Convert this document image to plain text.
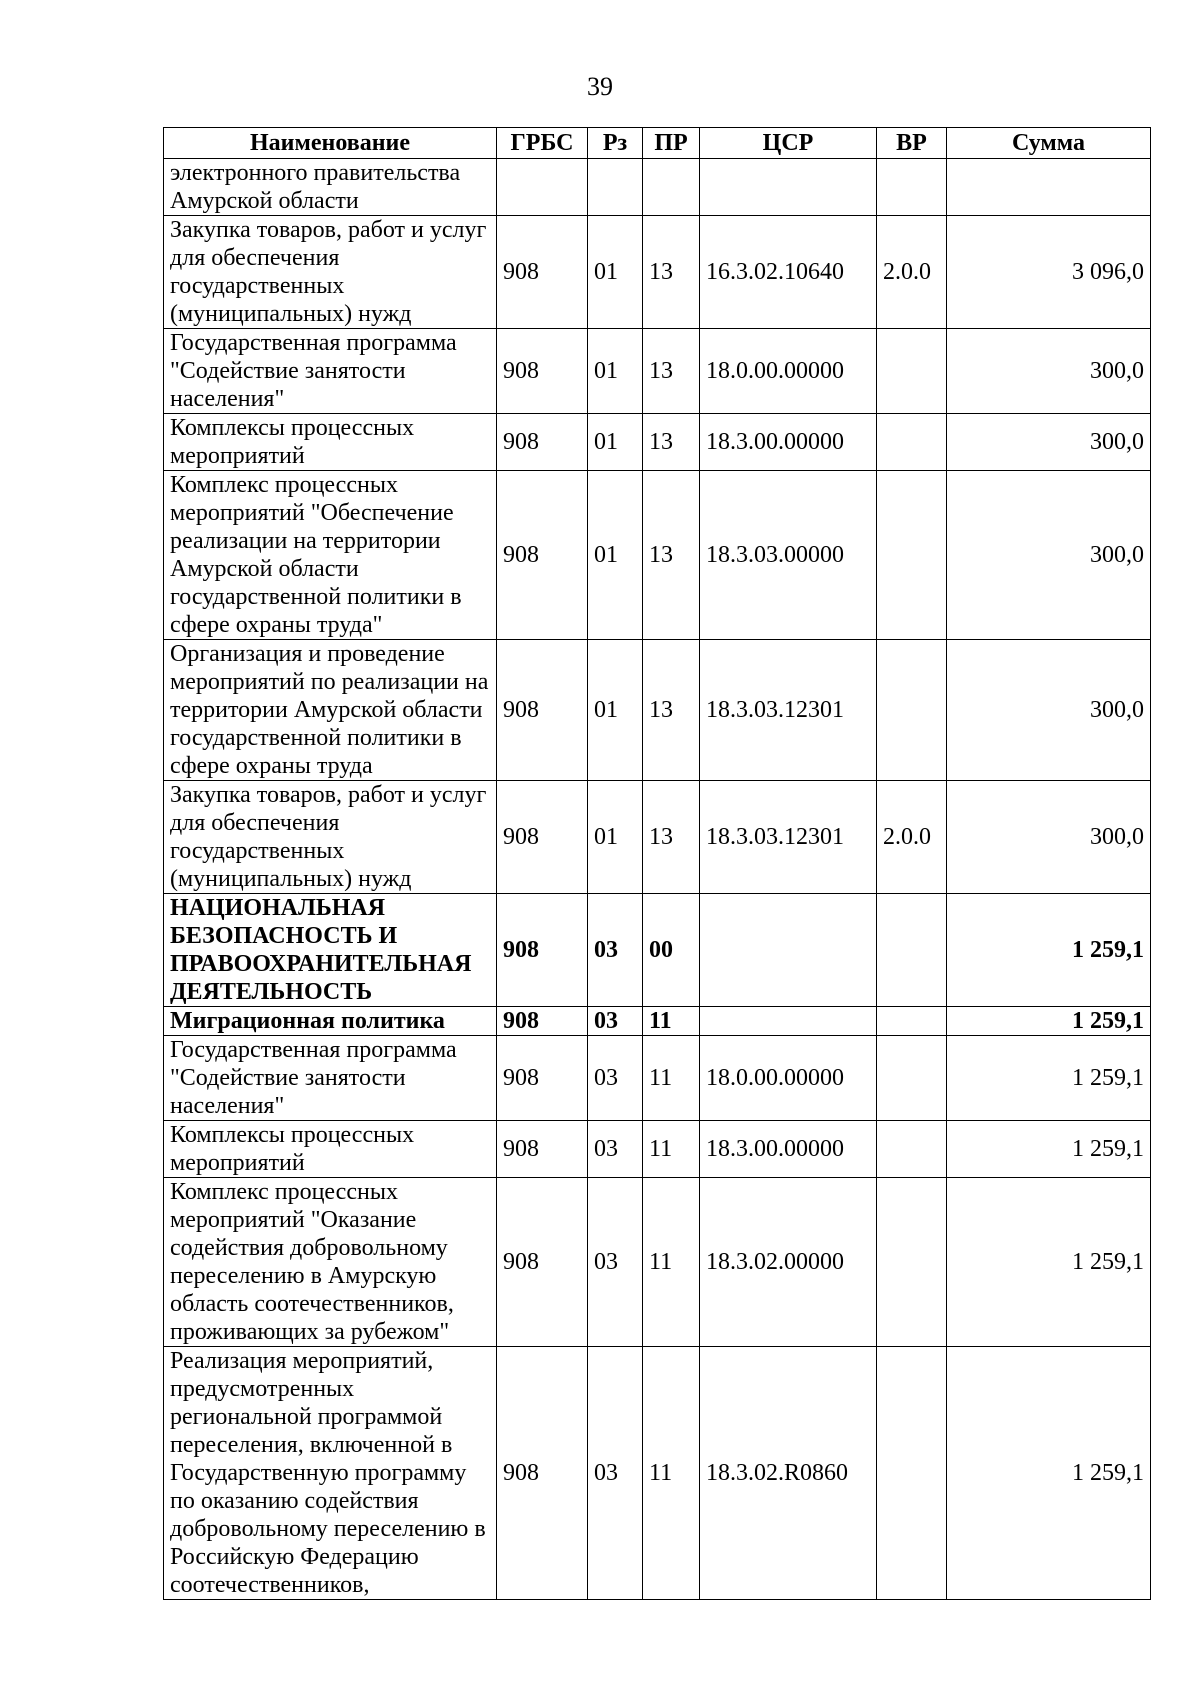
39
Наименование	ГРБС	Рз	ПР	ЦСР	ВР	Сумма
электронного правительства Амурской области						
Закупка товаров, работ и услуг для обеспечения государственных (муниципальных) нужд	908	01	13	16.3.02.10640	2.0.0	3 096,0
Государственная программа "Содействие занятости населения"	908	01	13	18.0.00.00000		300,0
Комплексы процессных мероприятий	908	01	13	18.3.00.00000		300,0
Комплекс процессных мероприятий "Обеспечение реализации на территории Амурской области государственной политики в сфере охраны труда"	908	01	13	18.3.03.00000		300,0
Организация и проведение мероприятий по реализации на территории Амурской области государственной политики в сфере охраны труда	908	01	13	18.3.03.12301		300,0
Закупка товаров, работ и услуг для обеспечения государственных (муниципальных) нужд	908	01	13	18.3.03.12301	2.0.0	300,0
НАЦИОНАЛЬНАЯ БЕЗОПАСНОСТЬ И ПРАВООХРАНИТЕЛЬНАЯ ДЕЯТЕЛЬНОСТЬ	908	03	00			1 259,1
Миграционная политика	908	03	11			1 259,1
Государственная программа "Содействие занятости населения"	908	03	11	18.0.00.00000		1 259,1
Комплексы процессных мероприятий	908	03	11	18.3.00.00000		1 259,1
Комплекс процессных мероприятий "Оказание содействия добровольному переселению в Амурскую область соотечественников, проживающих за рубежом"	908	03	11	18.3.02.00000		1 259,1
Реализация мероприятий, предусмотренных региональной программой переселения, включенной в Государственную программу по оказанию содействия добровольному переселению в Российскую Федерацию соотечественников,	908	03	11	18.3.02.R0860		1 259,1
